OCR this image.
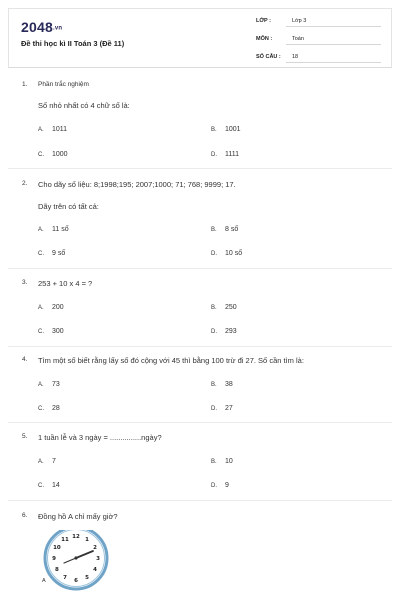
2048.vn
Đề thi học kì II Toán 3 (Đề 11)
LỚP :	Lớp 3
MÔN :	Toán
SỐ CÂU : 18
1. Phần trắc nghiệm
Số nhỏ nhất có 4 chữ số là:
A. 1011	B. 1001
C. 1000	D. 1111
2. Cho dãy số liệu: 8;1998;195; 2007;1000; 71; 768; 9999; 17.
Dãy trên có tất cả:
A. 11 số	B. 8 số
C. 9 số	D. 10 số
3. 253 + 10 x 4 = ?
A. 200	B. 250
C. 300	D. 293
4. Tìm một số biết rằng lấy số đó cộng với 45 thì bằng 100 trừ đi 27. Số cần tìm là:
A. 73	B. 38
C. 28	D. 27
5. 1 tuần lễ và 3 ngày = ...............ngày?
A. 7	B. 10
C. 14	D. 9
6. Đồng hồ A chỉ mấy giờ?
12 1
2
3
4
5
6
7
8
9
10
11
A
